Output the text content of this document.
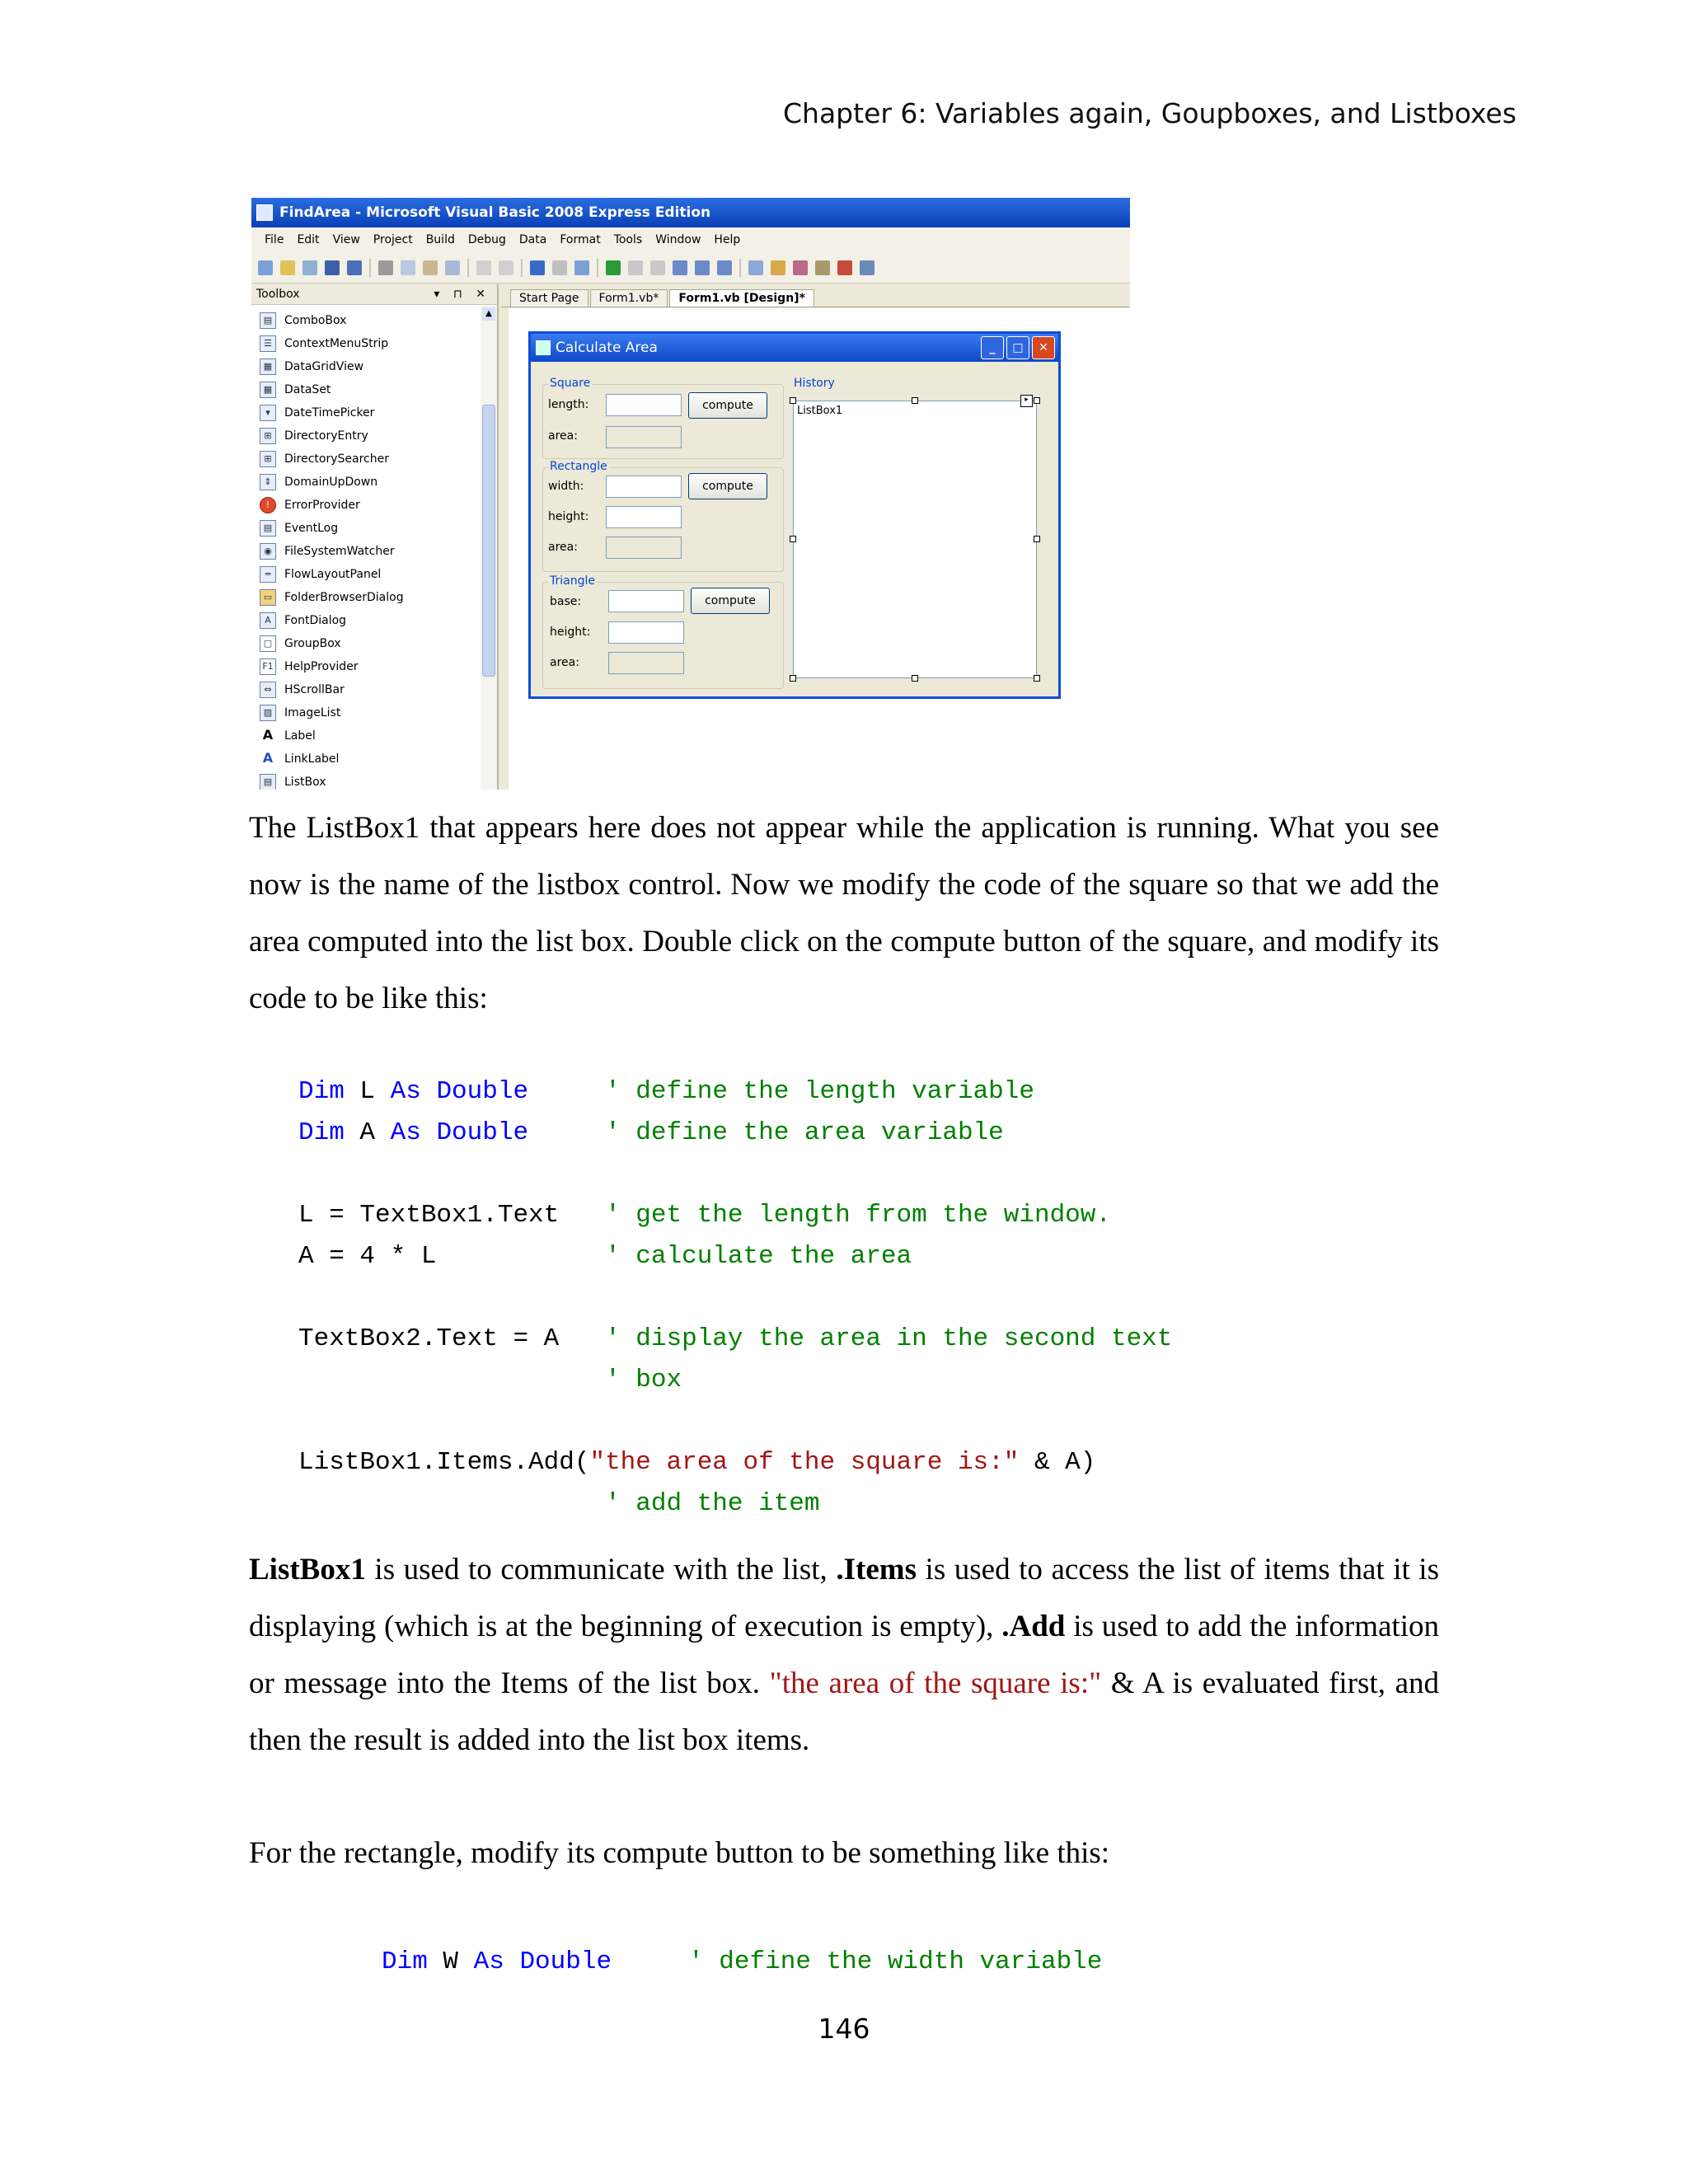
Chapter 6: Variables again, Goupboxes, and Listboxes
FindArea - Microsoft Visual Basic 2008 Express Edition
File Edit View Project Build Debug Data Format Tools Window Help
Toolbox	▾ ⊓ ✕
▤	ComboBox
☰	ContextMenuStrip
▦	DataGridView
▦	DataSet
▾	DateTimePicker
⊞	DirectoryEntry
⊞	DirectorySearcher
⇕	DomainUpDown
!	ErrorProvider
▤	EventLog
◉	FileSystemWatcher
═	FlowLayoutPanel
▭	FolderBrowserDialog
A	FontDialog
▢	GroupBox
F1 HelpProvider
⇔	HScrollBar
▨	ImageList
A Label
A LinkLabel
▤	ListBox
▲
Start Page	Form1.vb*	Form1.vb [Design]*
Calculate Area	_	□	✕
Square
length:	compute
area:
Rectangle
width:	compute
height:
area:
Triangle
base:	compute
height:
area:
History
ListBox1
▸
The ListBox1 that appears here does not appear while the application is running. What you see now is the name of the listbox control. Now we modify the code of the square so that we add the area computed into the list box. Double click on the compute button of the square, and modify its code to be like this:

Dim L As Double	' define the length variable
Dim A As Double	' define the area variable

L = TextBox1.Text ' get the length from the window.
A = 4 * L	' calculate the area

TextBox2.Text = A ' display the area in the second text
' box

ListBox1.Items.Add("the area of the square is:" & A)
' add the item

ListBox1 is used to communicate with the list, .Items is used to access the list of items that it is displaying (which is at the beginning of execution is empty), .Add is used to add the information or message into the Items of the list box. "the area of the square is:" & A is evaluated first, and then the result is added into the list box items.
For the rectangle, modify its compute button to be something like this:
Dim W As Double	' define the width variable
146
